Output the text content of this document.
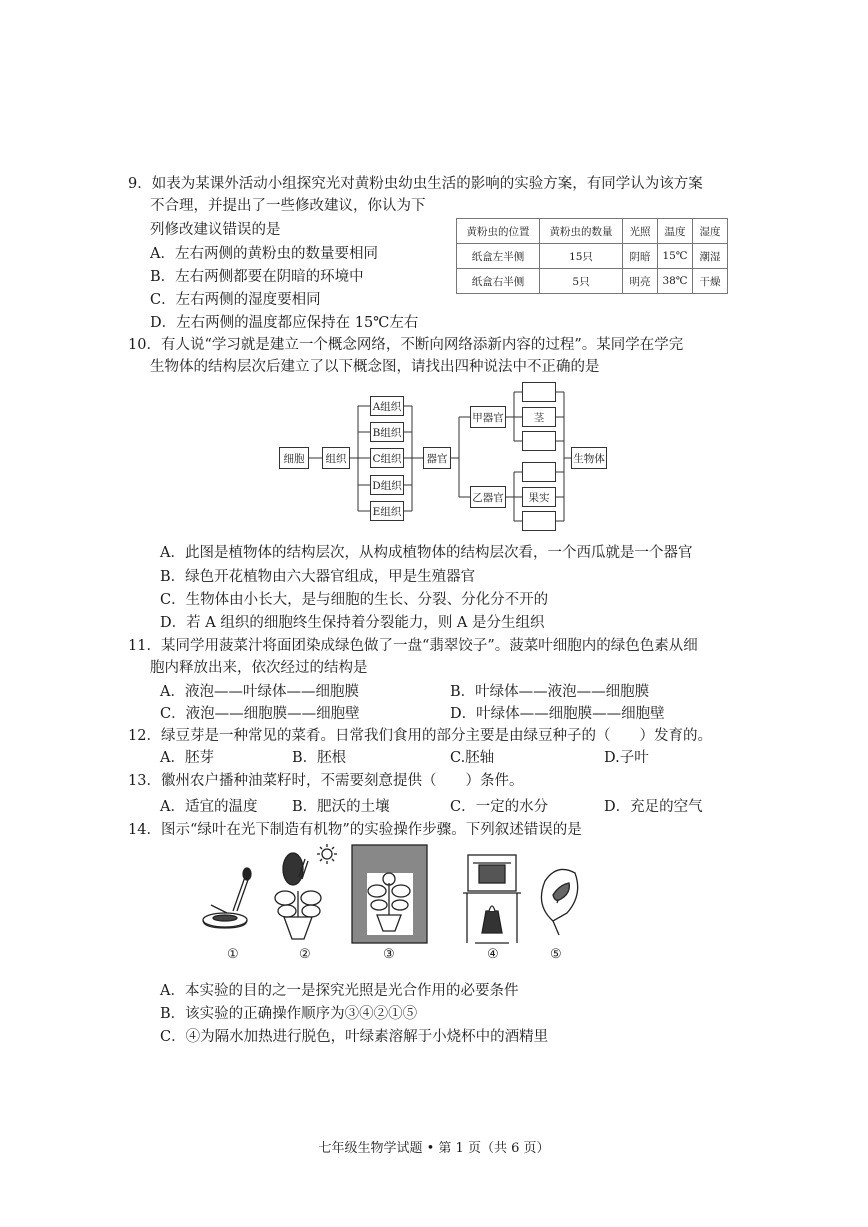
9．如表为某课外活动小组探究光对黄粉虫幼虫生活的影响的实验方案，有同学认为该方案
不合理，并提出了一些修改建议，你认为下
列修改建议错误的是
A．左右两侧的黄粉虫的数量要相同
B．左右两侧都要在阴暗的环境中
C．左右两侧的湿度要相同
D．左右两侧的温度都应保持在 15℃左右
黄粉虫的位置	黄粉虫的数量	光照	温度	湿度
纸盒左半侧	15只	阴暗	15℃	潮湿
纸盒右半侧	5只	明亮	38℃	干燥
10．有人说“学习就是建立一个概念网络，不断向网络添新内容的过程”。某同学在学完
生物体的结构层次后建立了以下概念图，请找出四种说法中不正确的是
细胞	组织
A组织
B组织
C组织
D组织
E组织
器官
甲器官
乙器官
茎
果实
生物体
A．此图是植物体的结构层次，从构成植物体的结构层次看，一个西瓜就是一个器官
B．绿色开花植物由六大器官组成，甲是生殖器官
C．生物体由小长大，是与细胞的生长、分裂、分化分不开的
D．若 A 组织的细胞终生保持着分裂能力，则 A 是分生组织
11．某同学用菠菜汁将面团染成绿色做了一盘“翡翠饺子”。菠菜叶细胞内的绿色色素从细
胞内释放出来，依次经过的结构是
A．液泡——叶绿体——细胞膜	B．叶绿体——液泡——细胞膜
C．液泡——细胞膜——细胞壁	D．叶绿体——细胞膜——细胞壁
12．绿豆芽是一种常见的菜肴。日常我们食用的部分主要是由绿豆种子的（　　）发育的。
A．胚芽	B．胚根	C.胚轴	D.子叶
13．徽州农户播种油菜籽时，不需要刻意提供（　　）条件。
A．适宜的温度 B．肥沃的土壤	C．一定的水分	D．充足的空气
14．图示“绿叶在光下制造有机物”的实验操作步骤。下列叙述错误的是
①	②	③	④	⑤
A．本实验的目的之一是探究光照是光合作用的必要条件
B．该实验的正确操作顺序为③④②①⑤
C．④为隔水加热进行脱色，叶绿素溶解于小烧杯中的酒精里
七年级生物学试题 • 第 1 页（共 6 页）
